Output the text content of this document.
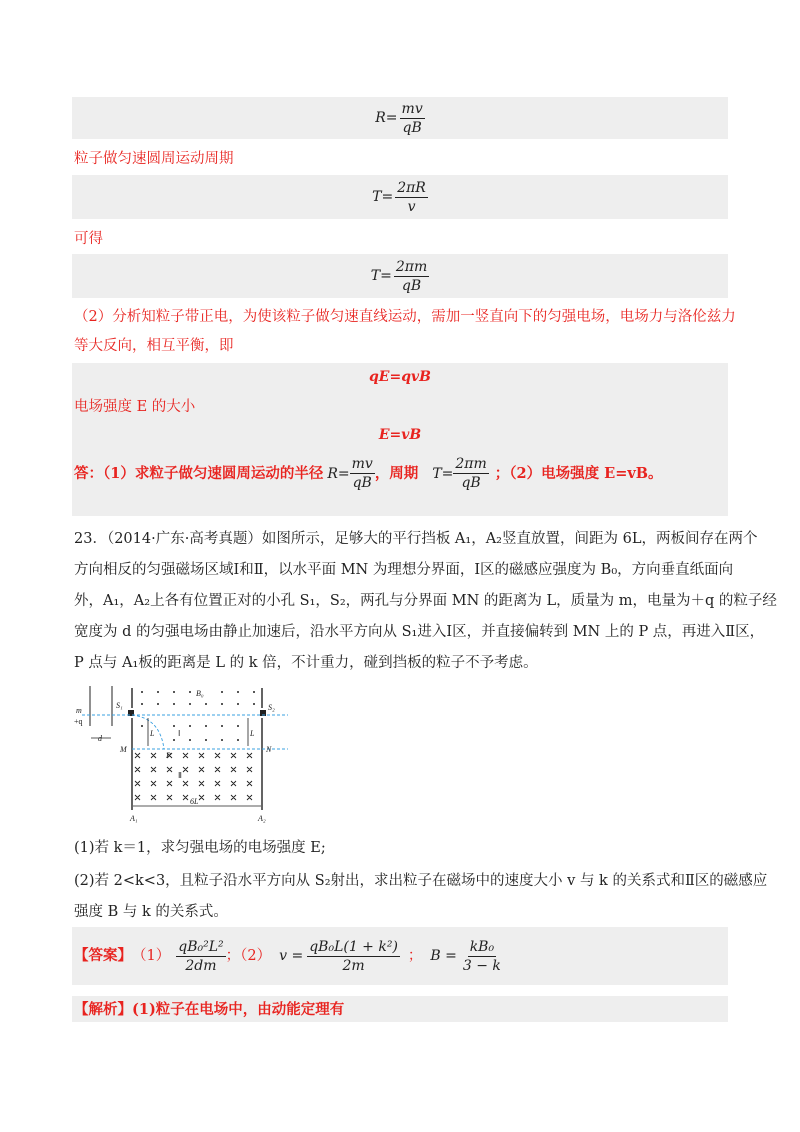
$R= \frac{mv}{qB}$
粒子做匀速圆周运动周期
$T= \frac{2\pi R}{v}$
可得
$T= \frac{2\pi m}{qB}$
（2）分析知粒子带正电，为使该粒子做匀速直线运动，需加一竖直向下的匀强电场，电场力与洛伦兹力
等大反向，相互平衡，即
qE=qvB
电场强度 E 的大小
E=vB
答：（1）求粒子做匀速圆周运动的半径 $R= \frac{mv}{qB}$ ，周期 $T= \frac{2\pi m}{qB}$ ；（2）电场强度 E=vB。
23．（2014·广东·高考真题）如图所示，足够大的平行挡板 A₁，A₂竖直放置，间距为 6L，两板间存在两个
方向相反的匀强磁场区域Ⅰ和Ⅱ，以水平面 MN 为理想分界面，Ⅰ区的磁感应强度为 B₀，方向垂直纸面向
外，A₁，A₂上各有位置正对的小孔 S₁，S₂，两孔与分界面 MN 的距离为 L，质量为 m，电量为＋q 的粒子经
宽度为 d 的匀强电场由静止加速后，沿水平方向从 S₁进入Ⅰ区，并直接偏转到 MN 上的 P 点，再进入Ⅱ区，
P 点与 A₁板的距离是 L 的 k 倍，不计重力，碰到挡板的粒子不予考虑。
m
+q
d
S₁	S₂
B₀
L	Ⅰ	L
M	N
P
Ⅱ
6L
A₁	A₂
(1)若 k＝1，求匀强电场的电场强度 E;
(2)若 2<k<3，且粒子沿水平方向从 S₂射出，求出粒子在磁场中的速度大小 v 与 k 的关系式和Ⅱ区的磁感应
强度 B 与 k 的关系式。
【答案】 $(1) \frac{\text{qB₀²L²}}{2dm}$ ；（2） $v = \frac{\text{qB₀L(1 + k²)}}{2m}$ ； $B = \frac{\text{kB₀}}{3 - k}$
【解析】(1)粒子在电场中，由动能定理有
